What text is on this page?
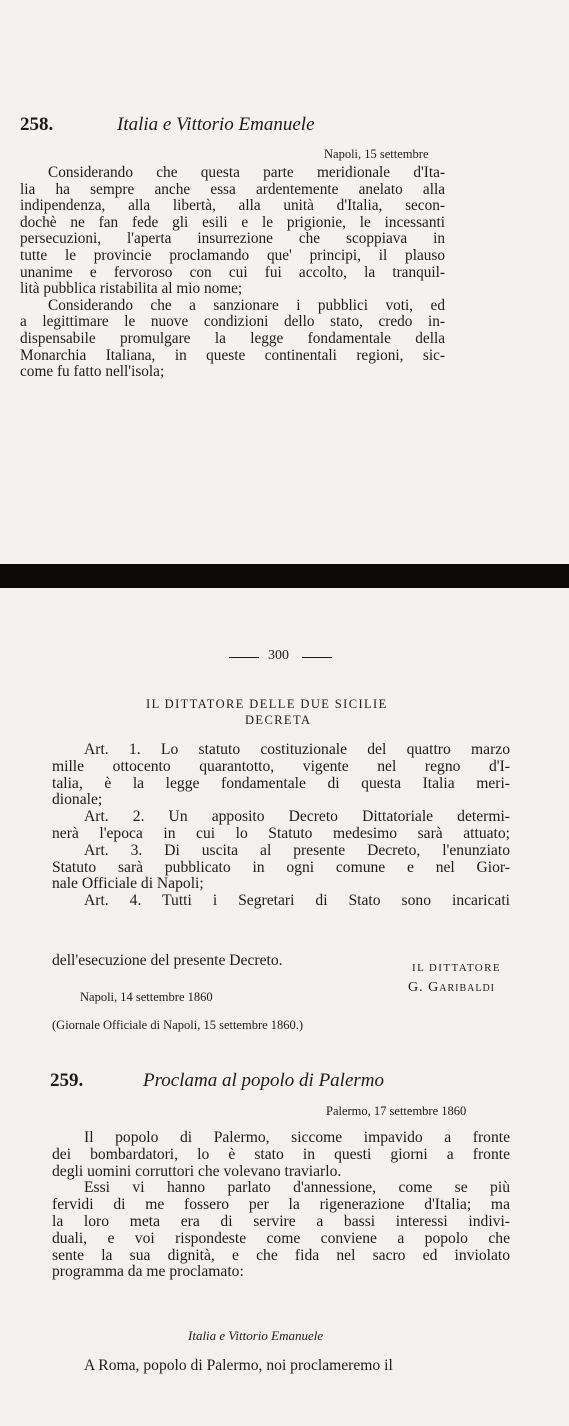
258.	Italia e Vittorio Emanuele
Napoli, 15 settembre
Considerando che questa parte meridionale d'Ita-
lia ha sempre anche essa ardentemente anelato alla
indipendenza, alla libertà, alla unità d'Italia, secon-
dochè ne fan fede gli esili e le prigionie, le incessanti
persecuzioni, l'aperta insurrezione che scoppiava in
tutte le provincie proclamando que' principi, il plauso
unanime e fervoroso con cui fui accolto, la tranquil-
lità pubblica ristabilita al mio nome;
Considerando che a sanzionare i pubblici voti, ed
a legittimare le nuove condizioni dello stato, credo in-
dispensabile promulgare la legge fondamentale della
Monarchia Italiana, in queste continentali regioni, sic-
come fu fatto nell'isola;
300
IL DITTATORE DELLE DUE SICILIE
DECRETA
Art. 1. Lo statuto costituzionale del quattro marzo
mille ottocento quarantotto, vigente nel regno d'I-
talia, è la legge fondamentale di questa Italia meri-
dionale;
Art. 2. Un apposito Decreto Dittatoriale determi-
nerà l'epoca in cui lo Statuto medesimo sarà attuato;
Art. 3. Di uscita al presente Decreto, l'enunziato
Statuto sarà pubblicato in ogni comune e nel Gior-
nale Officiale di Napoli;
Art. 4. Tutti i Segretari di Stato sono incaricati
dell'esecuzione del presente Decreto.	IL DITTATORE
G. Garibaldi
Napoli, 14 settembre 1860
(Giornale Officiale di Napoli, 15 settembre 1860.)
259.	Proclama al popolo di Palermo
Palermo, 17 settembre 1860
Il popolo di Palermo, siccome impavido a fronte
dei bombardatori, lo è stato in questi giorni a fronte
degli uomini corruttori che volevano traviarlo.
Essi vi hanno parlato d'annessione, come se più
fervidi di me fossero per la rigenerazione d'Italia; ma
la loro meta era di servire a bassi interessi indivi-
duali, e voi rispondeste come conviene a popolo che
sente la sua dignità, e che fida nel sacro ed inviolato
programma da me proclamato:
Italia e Vittorio Emanuele
A Roma, popolo di Palermo, noi proclameremo il
